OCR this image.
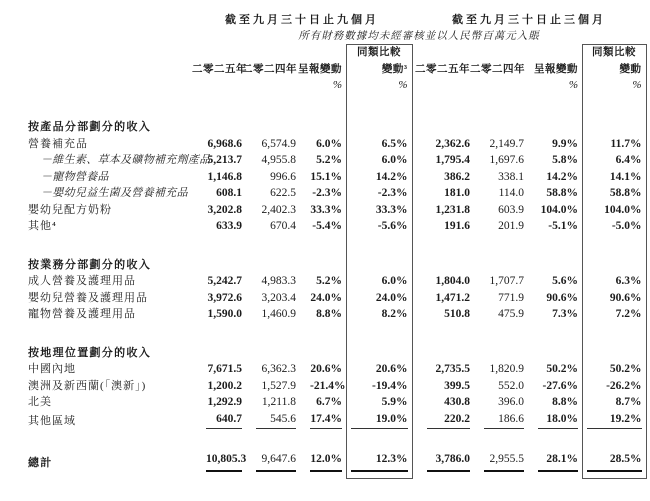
	截至九月三十日止九個月					截至九月三十日止三個月				
	所有財務數據均未經審核並以人民幣百萬元入賬									
					同類比較					同類比較
	二零二五年	二零二四年	呈報變動		變動³	二零二五年	二零二四年	呈報變動		變動

			%		%			%		%

按產品分部劃分的收入	

營養補充品	6,968.6	6,574.9	6.0%		6.5%	2,362.6	2,149.7	9.9%		11.7%

－維生素、草本及礦物補充劑產品	5,213.7	4,955.8	5.2%		6.0%	1,795.4	1,697.6	5.8%		6.4%

－寵物營養品	1,146.8	996.6	15.1%		14.2%	386.2	338.1	14.2%		14.1%

－嬰幼兒益生菌及營養補充品	608.1	622.5	-2.3%		-2.3%	181.0	114.0	58.8%		58.8%

嬰幼兒配方奶粉	3,202.8	2,402.3	33.3%		33.3%	1,231.8	603.9	104.0%		104.0%

其他⁴	633.9	670.4	-5.4%		-5.6%	191.6	201.9	-5.1%		-5.0%

按業務分部劃分的收入	

成人營養及護理用品	5,242.7	4,983.3	5.2%		6.0%	1,804.0	1,707.7	5.6%		6.3%

嬰幼兒營養及護理用品	3,972.6	3,203.4	24.0%		24.0%	1,471.2	771.9	90.6%		90.6%

寵物營養及護理用品	1,590.0	1,460.9	8.8%		8.2%	510.8	475.9	7.3%		7.2%

按地理位置劃分的收入	

中國內地	7,671.5	6,362.3	20.6%		20.6%	2,735.5	1,820.9	50.2%		50.2%

澳洲及新西蘭(「澳新」)	1,200.2	1,527.9	-21.4%		-19.4%	399.5	552.0	-27.6%		-26.2%

北美	1,292.9	1,211.8	6.7%		5.9%	430.8	396.0	8.8%		8.7%

其他區域	640.7	545.6	17.4%		19.0%	220.2	186.6	18.0%		19.2%

總計	10,805.3	9,647.6	12.0%		12.3%	3,786.0	2,955.5	28.1%		28.5%
